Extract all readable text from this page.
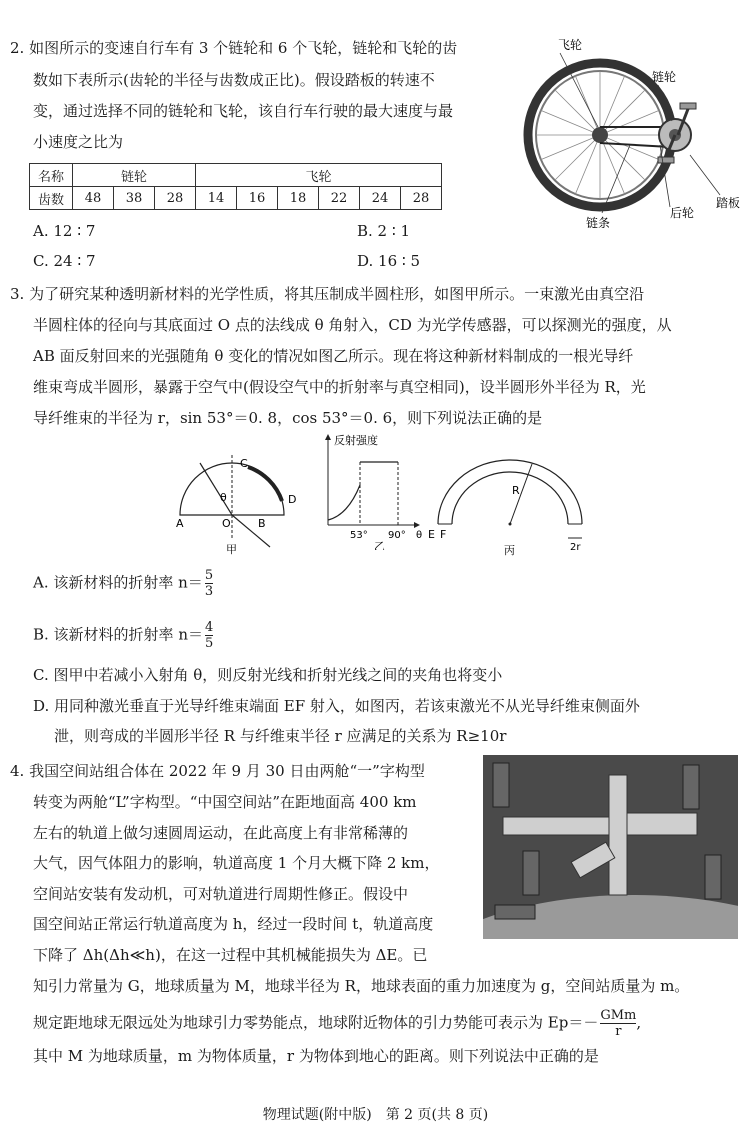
2. 如图所示的变速自行车有 3 个链轮和 6 个飞轮，链轮和飞轮的齿
数如下表所示(齿轮的半径与齿数成正比)。假设踏板的转速不
变，通过选择不同的链轮和飞轮，该自行车行驶的最大速度与最
小速度之比为
名称	链轮			飞轮					
齿数	48	38	28	14	16	18	22	24	28
飞轮
链轮
踏板
后轮
链条
A. 12 ∶ 7	B. 2 ∶ 1
C. 24 ∶ 7	D. 16 ∶ 5
3. 为了研究某种透明新材料的光学性质，将其压制成半圆柱形，如图甲所示。一束激光由真空沿
半圆柱体的径向与其底面过 O 点的法线成 θ 角射入，CD 为光学传感器，可以探测光的强度，从
AB 面反射回来的光强随角 θ 变化的情况如图乙所示。现在将这种新材料制成的一根光导纤
维束弯成半圆形，暴露于空气中(假设空气中的折射率与真空相同)，设半圆形外半径为 R，光
导纤维束的半径为 r，sin 53°＝0. 8，cos 53°＝0. 6，则下列说法正确的是
A	B
C
D
O
θ
甲
反射强度
53° 90° θ
乙
R
E F
2r
丙
A. 该新材料的折射率 $n= \frac{5}{3}$
B. 该新材料的折射率 $n= \frac{4}{5}$
C. 图甲中若减小入射角 θ，则反射光线和折射光线之间的夹角也将变小
D. 用同种激光垂直于光导纤维束端面 EF 射入，如图丙，若该束激光不从光导纤维束侧面外
泄，则弯成的半圆形半径 R 与纤维束半径 r 应满足的关系为 R≥10r
4. 我国空间站组合体在 2022 年 9 月 30 日由两舱“一”字构型
转变为两舱“L”字构型。“中国空间站”在距地面高 400 km
左右的轨道上做匀速圆周运动，在此高度上有非常稀薄的
大气，因气体阻力的影响，轨道高度 1 个月大概下降 2 km，
空间站安装有发动机，可对轨道进行周期性修正。假设中
国空间站正常运行轨道高度为 h，经过一段时间 t，轨道高度
下降了 Δh(Δh≪h)，在这一过程中其机械能损失为 ΔE。已
知引力常量为 G，地球质量为 M，地球半径为 R，地球表面的重力加速度为 g，空间站质量为 m。
规定距地球无限远处为地球引力零势能点，地球附近物体的引力势能可表示为 $Ep=- \frac{\text{GMm}}{r}$ ,
其中 M 为地球质量，m 为物体质量，r 为物体到地心的距离。则下列说法中正确的是
物理试题(附中版)　第 2 页(共 8 页)
